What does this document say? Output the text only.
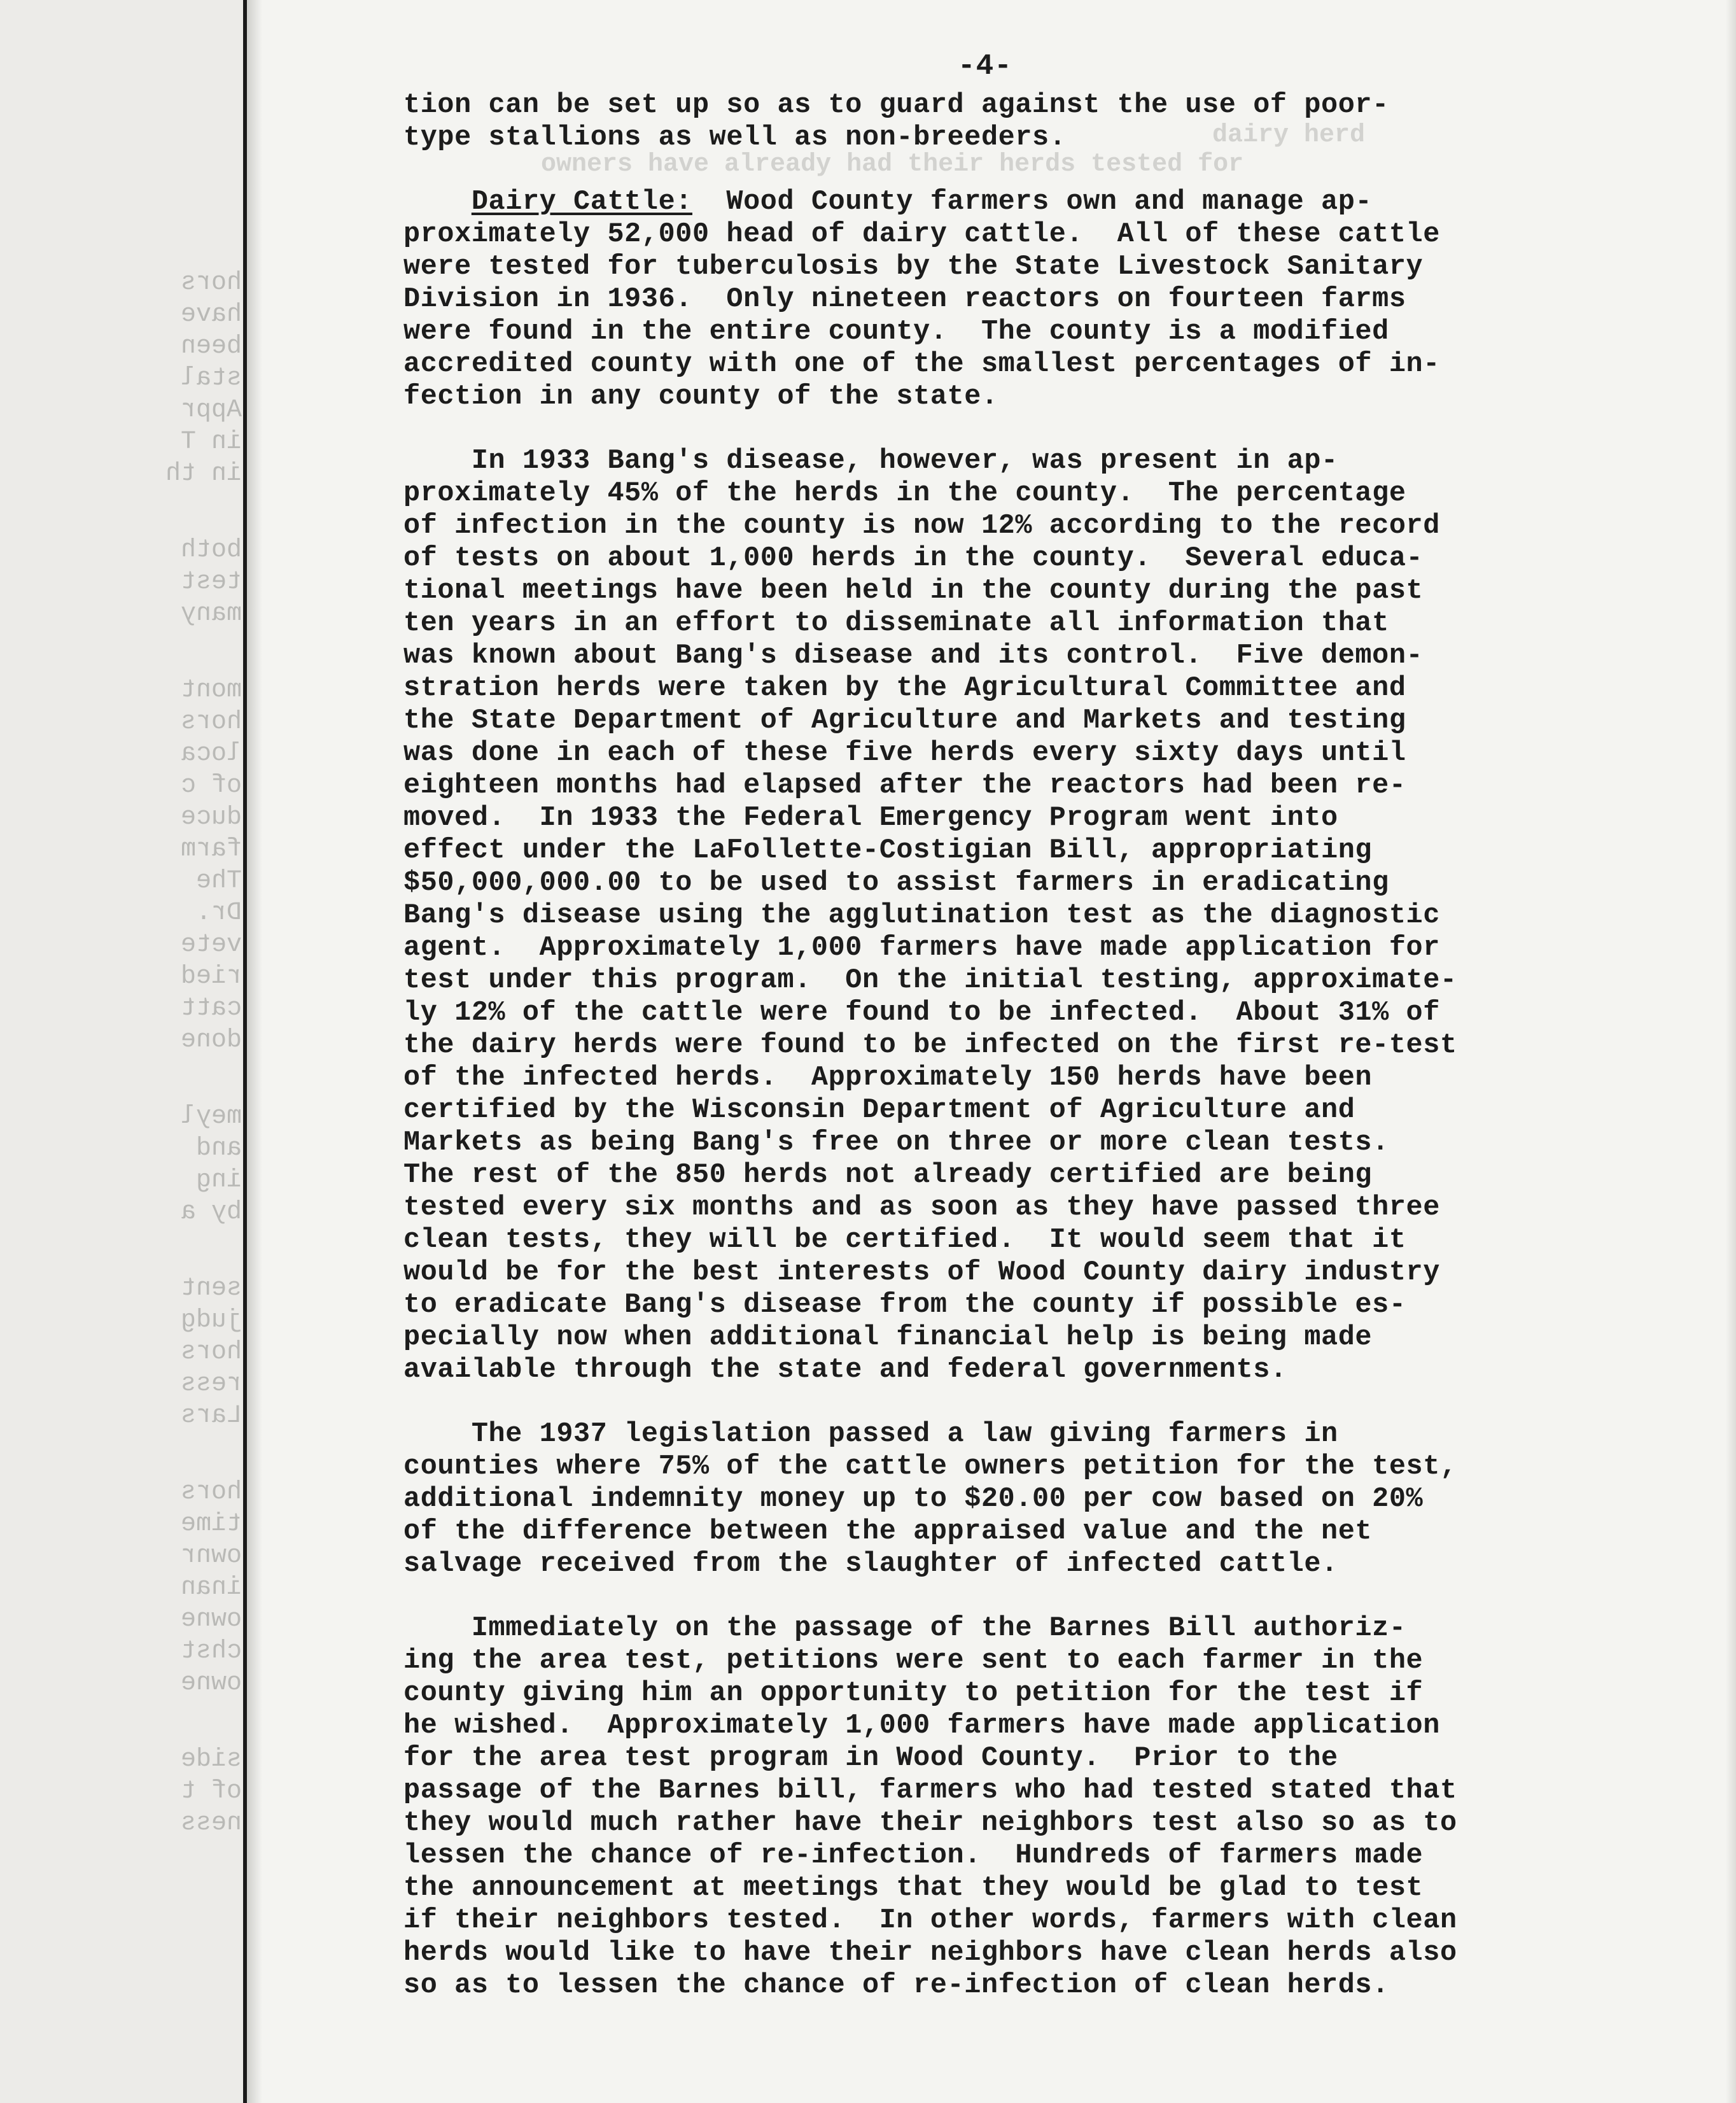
hors
have
been
stal
Appr
in T
in th
both
test
many
mont
hors
loca
of c
duce
farm
The
Dr.
vete
ried
catt
done
meyl
and
ing
by a
sent
judg
hors
ress
Lars
hors
time
ownr
inan
owne
chst
owne
side
of t
ness
dairy herd
owners have already had their herds tested for
-4-

tion can be set up so as to guard against the use of poor-

type stallions as well as non-breeders.

Dairy Cattle:  Wood County farmers own and manage ap-

proximately 52,000 head of dairy cattle.  All of these cattle

were tested for tuberculosis by the State Livestock Sanitary

Division in 1936.  Only nineteen reactors on fourteen farms

were found in the entire county.  The county is a modified

accredited county with one of the smallest percentages of in-

fection in any county of the state.

In 1933 Bang's disease, however, was present in ap-

proximately 45% of the herds in the county.  The percentage

of infection in the county is now 12% according to the record

of tests on about 1,000 herds in the county.  Several educa-

tional meetings have been held in the county during the past

ten years in an effort to disseminate all information that

was known about Bang's disease and its control.  Five demon-

stration herds were taken by the Agricultural Committee and

the State Department of Agriculture and Markets and testing

was done in each of these five herds every sixty days until

eighteen months had elapsed after the reactors had been re-

moved.  In 1933 the Federal Emergency Program went into

effect under the LaFollette-Costigian Bill, appropriating

$50,000,000.00 to be used to assist farmers in eradicating

Bang's disease using the agglutination test as the diagnostic

agent.  Approximately 1,000 farmers have made application for

test under this program.  On the initial testing, approximate-

ly 12% of the cattle were found to be infected.  About 31% of

the dairy herds were found to be infected on the first re-test

of the infected herds.  Approximately 150 herds have been

certified by the Wisconsin Department of Agriculture and

Markets as being Bang's free on three or more clean tests.

The rest of the 850 herds not already certified are being

tested every six months and as soon as they have passed three

clean tests, they will be certified.  It would seem that it

would be for the best interests of Wood County dairy industry

to eradicate Bang's disease from the county if possible es-

pecially now when additional financial help is being made

available through the state and federal governments.

The 1937 legislation passed a law giving farmers in

counties where 75% of the cattle owners petition for the test,

additional indemnity money up to $20.00 per cow based on 20%

of the difference between the appraised value and the net

salvage received from the slaughter of infected cattle.

Immediately on the passage of the Barnes Bill authoriz-

ing the area test, petitions were sent to each farmer in the

county giving him an opportunity to petition for the test if

he wished.  Approximately 1,000 farmers have made application

for the area test program in Wood County.  Prior to the

passage of the Barnes bill, farmers who had tested stated that

they would much rather have their neighbors test also so as to

lessen the chance of re-infection.  Hundreds of farmers made

the announcement at meetings that they would be glad to test

if their neighbors tested.  In other words, farmers with clean

herds would like to have their neighbors have clean herds also

so as to lessen the chance of re-infection of clean herds.
